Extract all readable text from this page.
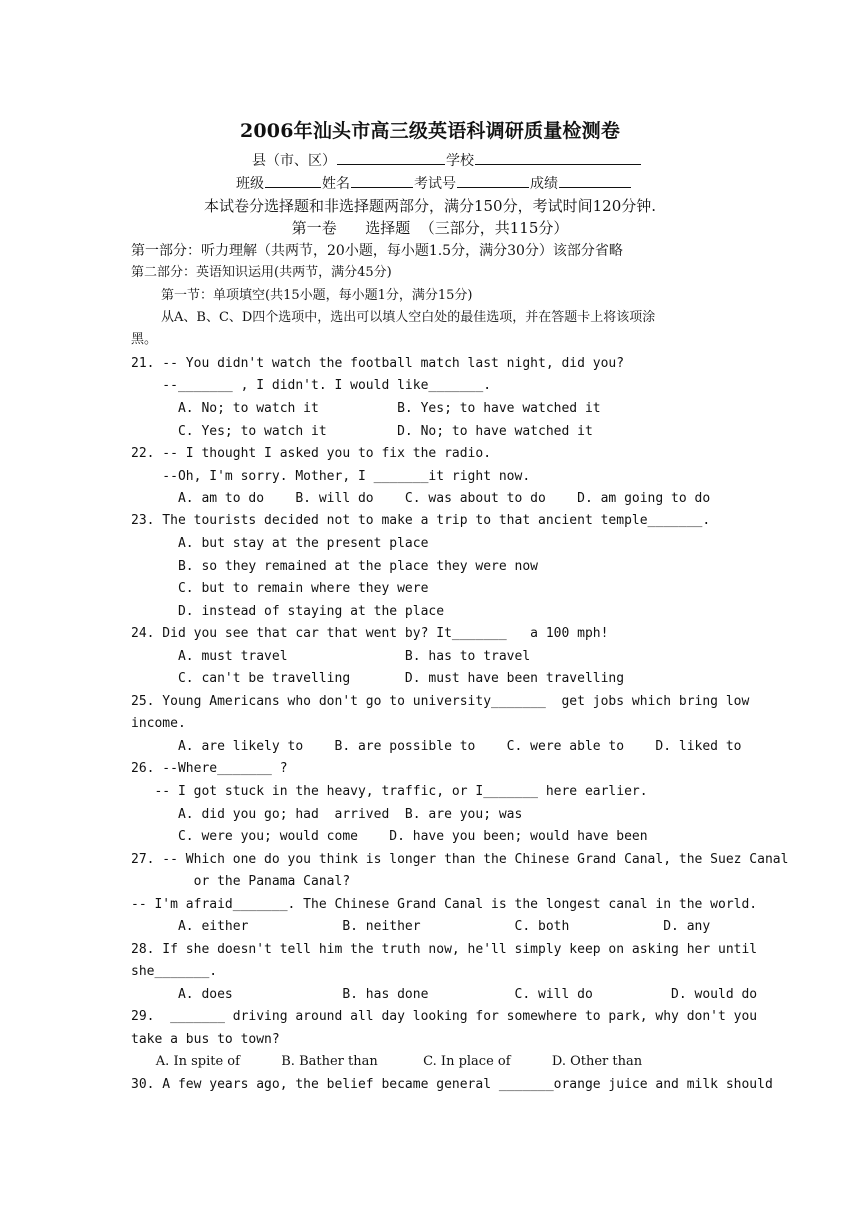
2006年汕头市高三级英语科调研质量检测卷
县（市、区）	学校
班级	姓名	考试号	成绩
本试卷分选择题和非选择题两部分，满分150分，考试时间120分钟.
第一卷      选择题  （三部分，共115分）
第一部分：听力理解（共两节，20小题，每小题1.5分，满分30分）该部分省略
第二部分：英语知识运用(共两节，满分45分)
第一节：单项填空(共15小题，每小题1分，满分15分)
从A、B、C、D四个选项中，选出可以填人空白处的最佳选项，并在答题卡上将该项涂
黑。
21. -- You didn't watch the football match last night, did you?
--_______ , I didn't. I would like_______.
A. No; to watch it          B. Yes; to have watched it
C. Yes; to watch it         D. No; to have watched it
22. -- I thought I asked you to fix the radio.
--Oh, I'm sorry. Mother, I _______it right now.
A. am to do    B. will do    C. was about to do    D. am going to do
23. The tourists decided not to make a trip to that ancient temple_______.
A. but stay at the present place
B. so they remained at the place they were now
C. but to remain where they were
D. instead of staying at the place
24. Did you see that car that went by? It_______   a 100 mph!
A. must travel               B. has to travel
C. can't be travelling       D. must have been travelling
25. Young Americans who don't go to university_______  get jobs which bring low
income.
A. are likely to    B. are possible to    C. were able to    D. liked to
26. --Where_______ ?
-- I got stuck in the heavy, traffic, or I_______ here earlier.
A. did you go; had  arrived  B. are you; was
C. were you; would come    D. have you been; would have been
27. -- Which one do you think is longer than the Chinese Grand Canal, the Suez Canal
or the Panama Canal?
-- I'm afraid_______. The Chinese Grand Canal is the longest canal in the world.
A. either            B. neither            C. both            D. any
28. If she doesn't tell him the truth now, he'll simply keep on asking her until
she_______.
A. does              B. has done           C. will do          D. would do
29.  _______ driving around all day looking for somewhere to park, why don't you
take a bus to town?
A. In spite of          B. Bather than           C. In place of          D. Other than
30. A few years ago, the belief became general _______orange juice and milk should
